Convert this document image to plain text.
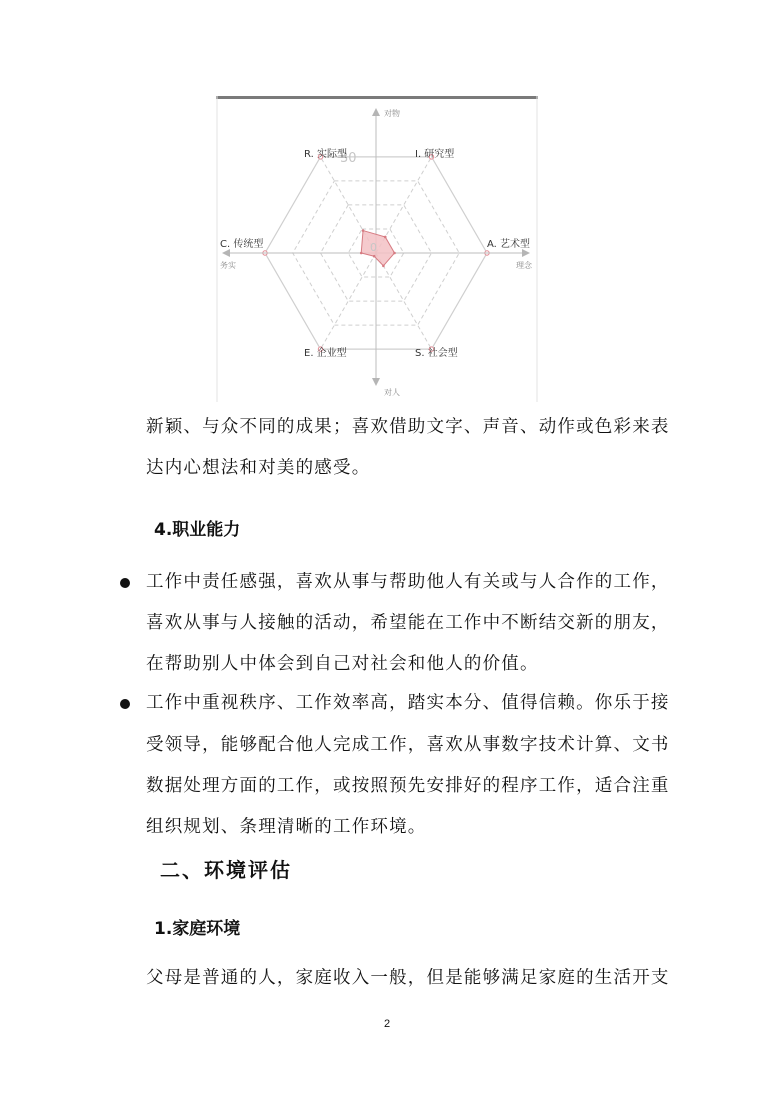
对物
对人
务实	理念
30
0
R. 实际型	I. 研究型
A. 艺术型
S. 社会型
E. 企业型
C. 传统型
新颖、与众不同的成果；喜欢借助文字、声音、动作或色彩来表
达内心想法和对美的感受。
4.职业能力
工作中责任感强，喜欢从事与帮助他人有关或与人合作的工作，
喜欢从事与人接触的活动，希望能在工作中不断结交新的朋友，
在帮助别人中体会到自己对社会和他人的价值。
工作中重视秩序、工作效率高，踏实本分、值得信赖。你乐于接
受领导，能够配合他人完成工作，喜欢从事数字技术计算、文书
数据处理方面的工作，或按照预先安排好的程序工作，适合注重
组织规划、条理清晰的工作环境。
二、环境评估
1.家庭环境
父母是普通的人，家庭收入一般，但是能够满足家庭的生活开支
2
